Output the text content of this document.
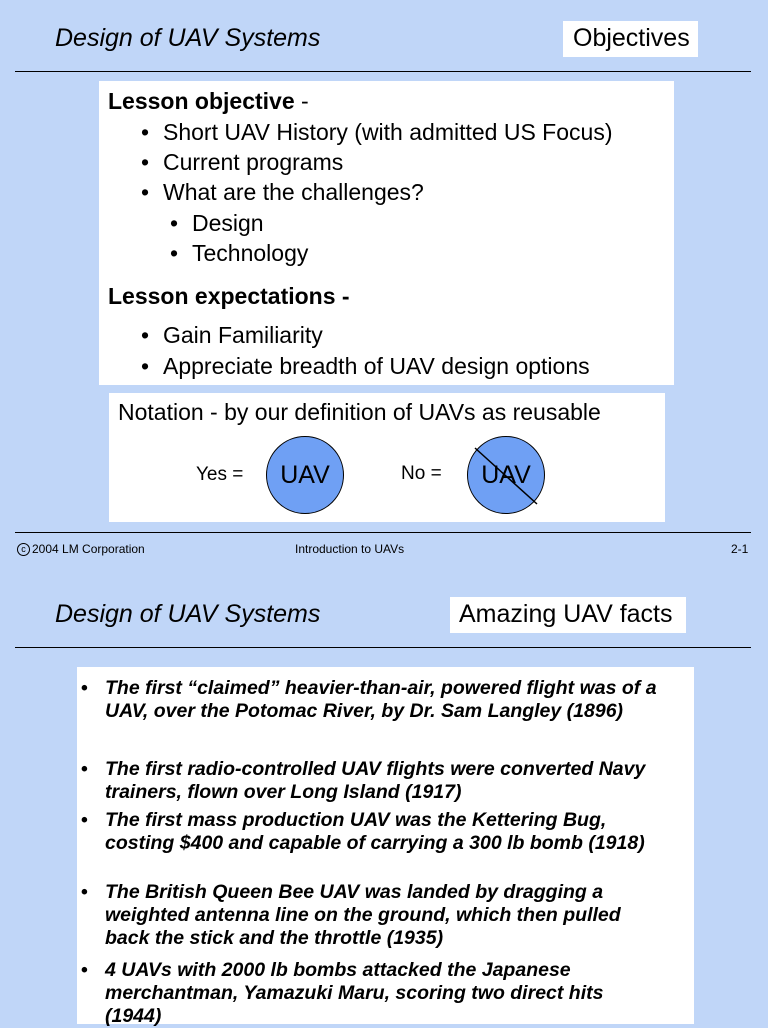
Design of UAV Systems	Objectives
Lesson objective -
• Short UAV History (with admitted US Focus)
• Current programs
• What are the challenges?
• Design
• Technology
Lesson expectations -
• Gain Familiarity
• Appreciate breadth of UAV design options
Notation - by our definition of UAVs as reusable
Yes = UAV	No = UAV
c 2004 LM Corporation	Introduction to UAVs	2-1
Design of UAV Systems	Amazing UAV facts
• The first “claimed” heavier-than-air, powered flight was of a UAV, over the Potomac River, by Dr. Sam Langley (1896)
• The first radio-controlled UAV flights were converted Navy trainers, flown over Long Island (1917)
• The first mass production UAV was the Kettering Bug, costing $400 and capable of carrying a 300 lb bomb (1918)
• The British Queen Bee UAV was landed by dragging a weighted antenna line on the ground, which then pulled back the stick and the throttle (1935)
• 4 UAVs with 2000 lb bombs attacked the Japanese merchantman, Yamazuki Maru, scoring two direct hits (1944)
